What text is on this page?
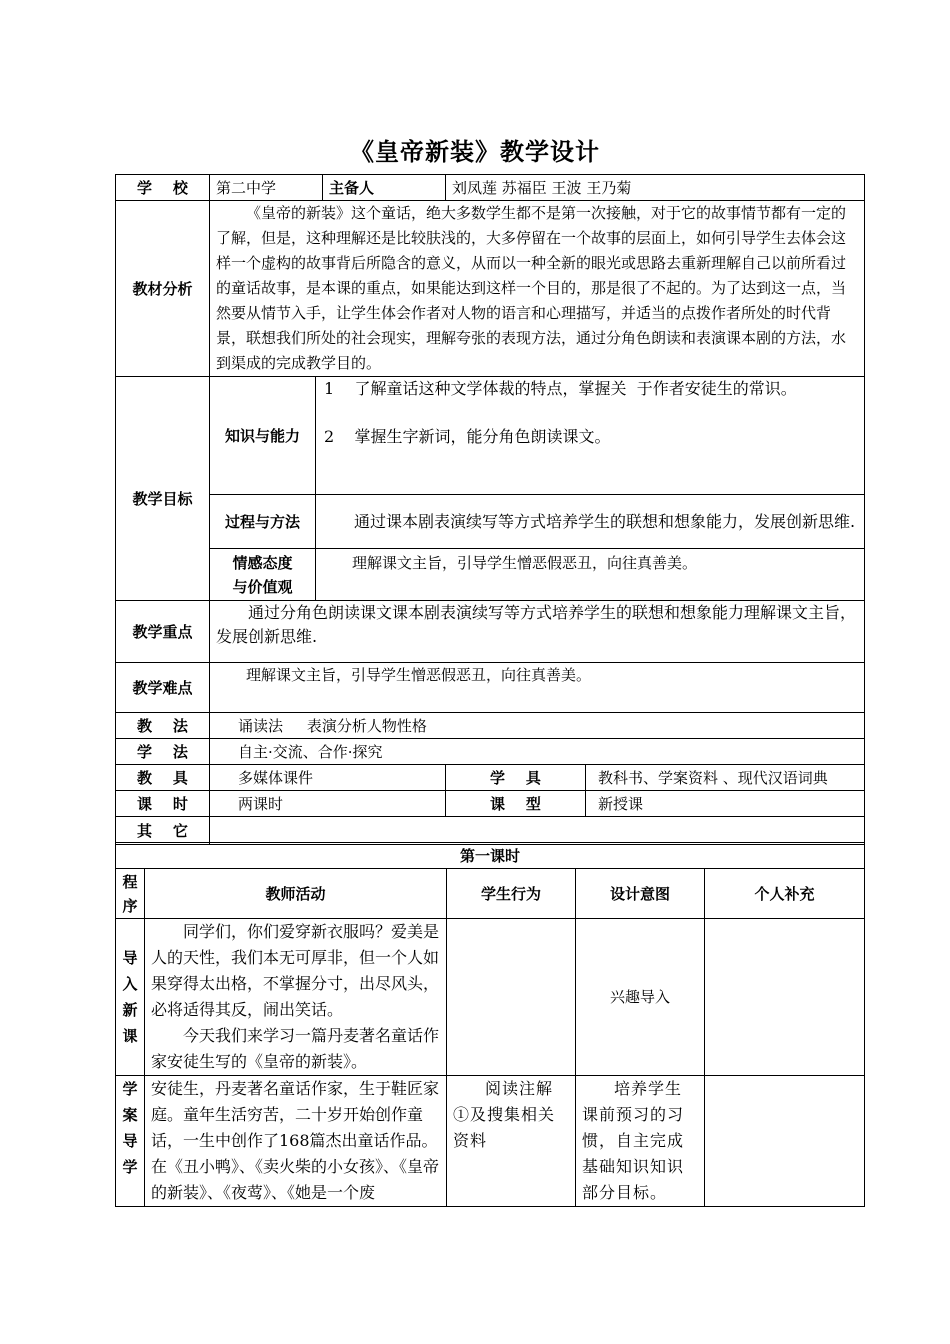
《皇帝新装》教学设计
学    校	第二中学	主备人	刘凤莲 苏福臣 王波 王乃菊
教材分析	《皇帝的新装》这个童话，绝大多数学生都不是第一次接触，对于它的故事情节都有一定的了解，但是，这种理解还是比较肤浅的，大多停留在一个故事的层面上，如何引导学生去体会这样一个虚构的故事背后所隐含的意义，从而以一种全新的眼光或思路去重新理解自己以前所看过的童话故事，是本课的重点，如果能达到这样一个目的，那是很了不起的。为了达到这一点，当然要从情节入手，让学生体会作者对人物的语言和心理描写，并适当的点拨作者所处的时代背景，联想我们所处的社会现实，理解夸张的表现方法，通过分角色朗读和表演课本剧的方法，水到渠成的完成教学目的。		
教学目标	知识与能力	1    了解童话这种文学体裁的特点，掌握关  于作者安徒生的常识。
2    掌握生字新词，能分角色朗读课文。

	过程与方法	通过课本剧表演续写等方式培养学生的联想和想象能力，发展创新思维.

	情感态度
与价值观	理解课文主旨，引导学生憎恶假恶丑，向往真善美。
教学重点	通过分角色朗读课文课本剧表演续写等方式培养学生的联想和想象能力理解课文主旨，发展创新思维.		
教学难点	理解课文主旨，引导学生憎恶假恶丑，向往真善美。		
教    法	诵读法     表演分析人物性格		
学    法	自主·交流、合作·探究		
教    具	多媒体课件	学    具	教科书、学案资料 、现代汉语词典
课    时	两课时	课    型	新授课
其    它			
第一课时				
程序	教师活动	学生行为	设计意图	个人补充
导入新课	同学们，你们爱穿新衣服吗？爱美是人的天性，我们本无可厚非，但一个人如果穿得太出格，不掌握分寸，出尽风头，必将适得其反，闹出笑话。
今天我们来学习一篇丹麦著名童话作家安徒生写的《皇帝的新装》。		兴趣导入	
学案导学	安徒生，丹麦著名童话作家，生于鞋匠家庭。童年生活穷苦，二十岁开始创作童话，一生中创作了168篇杰出童话作品。在《丑小鸭》、《卖火柴的小女孩》、《皇帝的新装》、《夜莺》、《她是一个废	阅读注解①及搜集相关资料	培养学生课前预习的习惯，自主完成基础知识知识部分目标。	
